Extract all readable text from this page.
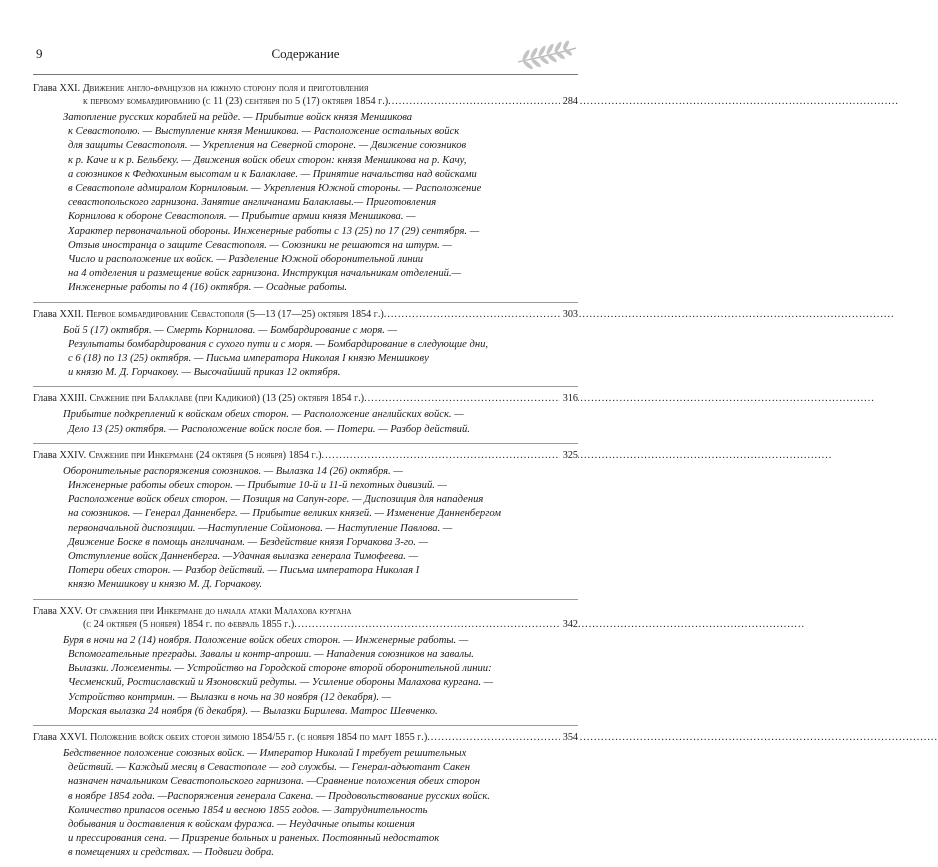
9	Содержание
Глава XXI. Движение англо-французов на южную сторону поля и приготовления
к первому бомбардированию (с 11 (23) сентября по 5 (17) октября 1854 г.) .....	284

Затопление русских кораблей на рейде. — Прибытие войск князя Меншикова

к Севастополю. — Выступление князя Меншикова. — Расположение остальных войск

для защиты Севастополя. — Укрепления на Северной стороне. — Движение союзников

к р. Каче и к р. Бельбеку. — Движения войск обеих сторон: князя Меншикова на р. Качу,

а союзников к Федюхиным высотам и к Балаклаве. — Принятие начальства над войсками

в Севастополе адмиралом Корниловым. — Укрепления Южной стороны. — Расположение

севастопольского гарнизона. Занятие англичанами Балаклавы.— Приготовления

Корнилова к обороне Севастополя. — Прибытие армии князя Меншикова. —

Характер первоначальной обороны. Инженерные работы с 13 (25) по 17 (29) сентября. —

Отзыв иностранца о защите Севастополя. — Союзники не решаются на штурм. —

Число и расположение их войск. — Разделение Южной оборонительной линии

на 4 отделения и размещение войск гарнизона. Инструкция начальникам отделений.—

Инженерные работы по 4 (16) октября. — Осадные работы.

Глава XXII. Первое бомбардирование Севастополя (5—13 (17—25) октября 1854 г.) .....	303

Бой 5 (17) октября. — Смерть Корнилова. — Бомбардирование с моря. —

Результаты бомбардирования с сухого пути и с моря. — Бомбардирование в следующие дни,

с 6 (18) по 13 (25) октября. — Письма императора Николая I князю Меншикову

и князю М. Д. Горчакову. — Высочайший приказ 12 октября.

Глава XXIII. Сражение при Балаклаве (при Кадикиой) (13 (25) октября 1854 г.) .....	316

Прибытие подкреплений к войскам обеих сторон. — Расположение английских войск. —

Дело 13 (25) октября. — Расположение войск после боя. — Потери. — Разбор действий.

Глава XXIV. Сражение при Инкермане (24 октября (5 ноября) 1854 г.) .....	325

Оборонительные распоряжения союзников. — Вылазка 14 (26) октября. —

Инженерные работы обеих сторон. — Прибытие 10-й и 11-й пехотных дивизий. —

Расположение войск обеих сторон. — Позиция на Сапун-горе. — Диспозиция для нападения

на союзников. — Генерал Данненберг. — Прибытие великих князей. — Изменение Данненбергом

первоначальной диспозиции. —Наступление Соймонова. — Наступление Павлова. —

Движение Боске в помощь англичанам. — Бездействие князя Горчакова 3-го. —

Отступление войск Данненберга. —Удачная вылазка генерала Тимофеева. —

Потери обеих сторон. — Разбор действий. — Письма императора Николая I

князю Меншикову и князю М. Д. Горчакову.

Глава XXV. От сражения при Инкермане до начала атаки Малахова кургана
(с 24 октября (5 ноября) 1854 г. по февраль 1855 г.) .....	342

Буря в ночи на 2 (14) ноября. Положение войск обеих сторон. — Инженерные работы. —

Вспомогательные преграды. Завалы и контр-апроши. — Нападения союзников на завалы.

Вылазки. Ложементы. — Устройство на Городской стороне второй оборонительной линии:

Чесменский, Ростиславский и Язоновский редуты. — Усиление обороны Малахова кургана. —

Устройство контрмин. — Вылазки в ночь на 30 ноября (12 декабря). —

Морская вылазка 24 ноября (6 декабря). — Вылазки Бирилева. Матрос Шевченко.

Глава XXVI. Положение войск обеих сторон зимою 1854/55 г. (с ноября 1854 по март 1855 г.) .....	354

Бедственное положение союзных войск. — Император Николай I требует решительных

действий. — Каждый месяц в Севастополе — год службы. — Генерал-адъютант Сакен

назначен начальником Севастопольского гарнизона. —Сравнение положения обеих сторон

в ноябре 1854 года. —Распоряжения генерала Сакена. — Продовольствование русских войск.

Количество припасов осенью 1854 и весною 1855 годов. — Затруднительность

добывания и доставления к войскам фуража. — Неудачные опыты кошения

и прессирования сена. — Призрение больных и раненых. Постоянный недостаток

в помещениях и средствах. — Подвиги добра.
